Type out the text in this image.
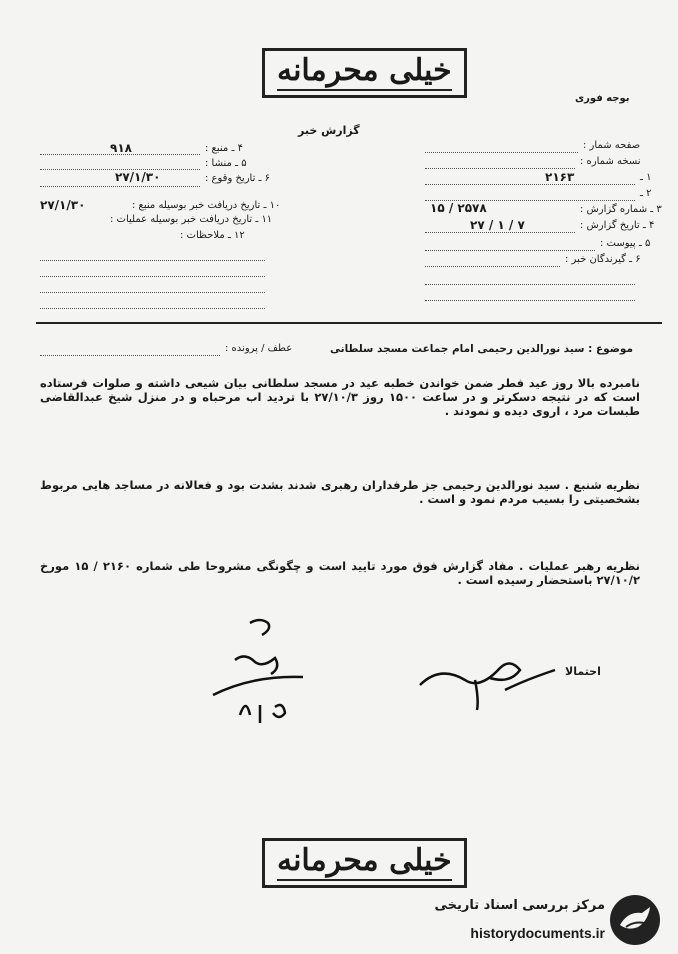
خیلی محرمانه
بوجه فوری
گزارش خبر
۴ ـ منبع :
۹۱۸
۵ ـ منشا :
۶ ـ تاریخ وقوع :
۲۷/۱/۳۰
۱۰ ـ تاریخ دریافت خبر بوسیله منبع :
۲۷/۱/۳۰
۱۱ ـ تاریخ دریافت خبر بوسیله عملیات :
۱۲ ـ ملاحظات :
صفحه شمار :
نسخه شماره :
۱ ـ
۲۱۶۳
۲ ـ
۳ ـ شماره گزارش :
۲۵۷۸ / ۱۵
۴ ـ تاریخ گزارش :
۷ / ۱ / ۲۷
۵ ـ پیوست :
۶ ـ گیرندگان خبر :
موضوع : سید نورالدین رحیمی امام جماعت مسجد سلطانی
عطف / پرونده :
نامبرده بالا روز عید فطر ضمن خواندن خطبه عید در مسجد سلطانی بیان شیعی داشته و صلوات فرستاده است که در نتیجه دسکرتر و در ساعت ۱۵۰۰ روز ۲۷/۱۰/۳ با تردید اب مرحباه و در منزل شیخ عبدالقاضی طبسات مرد ، اروی دیده و نمودند .
نظریه شنبع . سید نورالدین رحیمی جز طرفداران رهبری شدند بشدت بود و فعالانه در مساجد هایی مربوط بشخصیتی را بسیب مردم نمود و است .
نظریه رهبر عملیات . مفاد گزارش فوق مورد تایید است و چگونگی مشروحا طی شماره ۲۱۶۰ / ۱۵ مورخ ۲۷/۱۰/۲ باستحضار رسیده است .
احتمالا
خیلی محرمانه
مرکز بررسی اسناد تاریخی
historydocuments.ir
